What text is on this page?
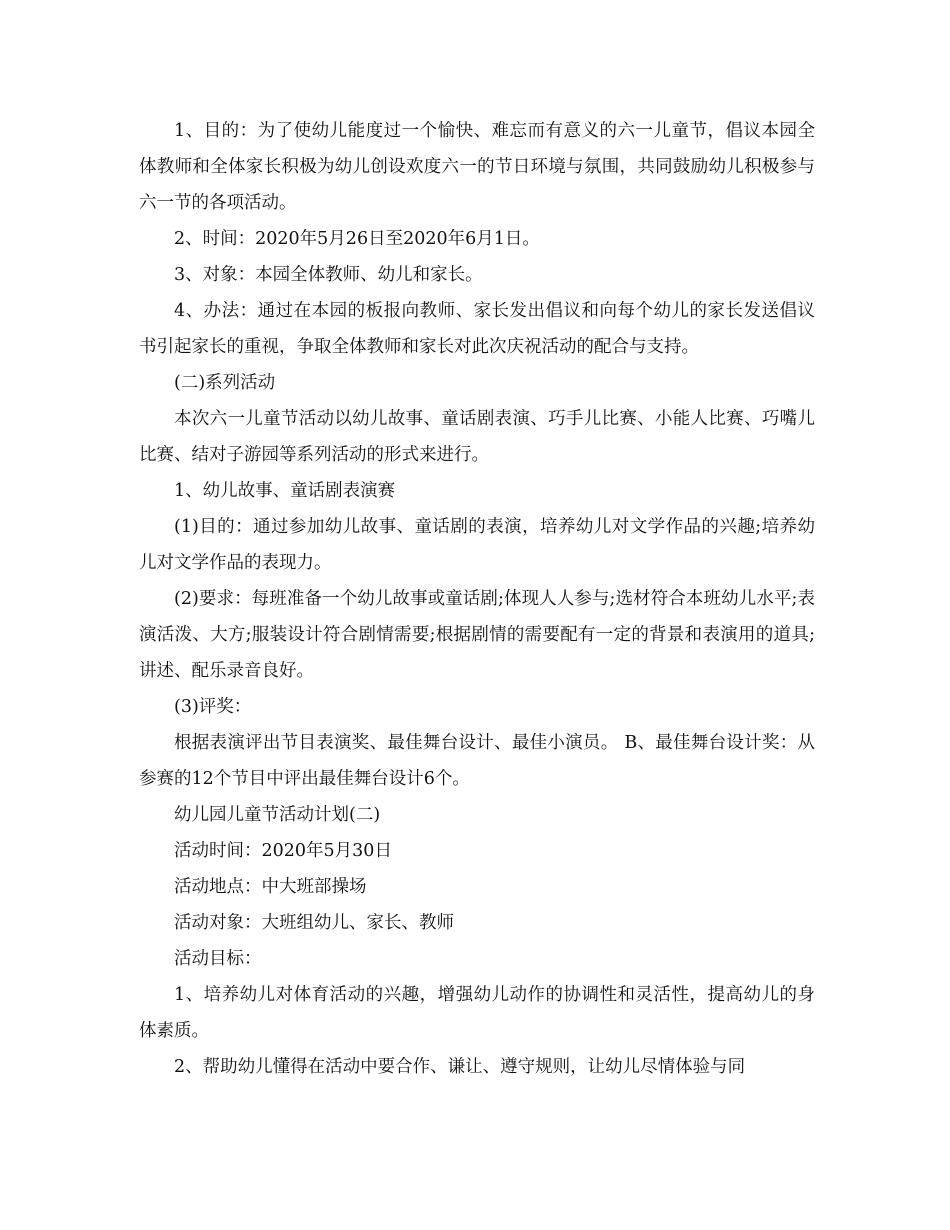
1、目的：为了使幼儿能度过一个愉快、难忘而有意义的六一儿童节，倡议本园全体教师和全体家长积极为幼儿创设欢度六一的节日环境与氛围，共同鼓励幼儿积极参与六一节的各项活动。

2、时间：2020年5月26日至2020年6月1日。

3、对象：本园全体教师、幼儿和家长。

4、办法：通过在本园的板报向教师、家长发出倡议和向每个幼儿的家长发送倡议书引起家长的重视，争取全体教师和家长对此次庆祝活动的配合与支持。

(二)系列活动

本次六一儿童节活动以幼儿故事、童话剧表演、巧手儿比赛、小能人比赛、巧嘴儿比赛、结对子游园等系列活动的形式来进行。

1、幼儿故事、童话剧表演赛

(1)目的：通过参加幼儿故事、童话剧的表演，培养幼儿对文学作品的兴趣;培养幼儿对文学作品的表现力。

(2)要求：每班准备一个幼儿故事或童话剧;体现人人参与;选材符合本班幼儿水平;表演活泼、大方;服装设计符合剧情需要;根据剧情的需要配有一定的背景和表演用的道具;讲述、配乐录音良好。

(3)评奖：

根据表演评出节目表演奖、最佳舞台设计、最佳小演员。 B、最佳舞台设计奖：从参赛的12个节目中评出最佳舞台设计6个。

幼儿园儿童节活动计划(二)

活动时间：2020年5月30日

活动地点：中大班部操场

活动对象：大班组幼儿、家长、教师

活动目标：

1、培养幼儿对体育活动的兴趣，增强幼儿动作的协调性和灵活性，提高幼儿的身体素质。

2、帮助幼儿懂得在活动中要合作、谦让、遵守规则，让幼儿尽情体验与同
